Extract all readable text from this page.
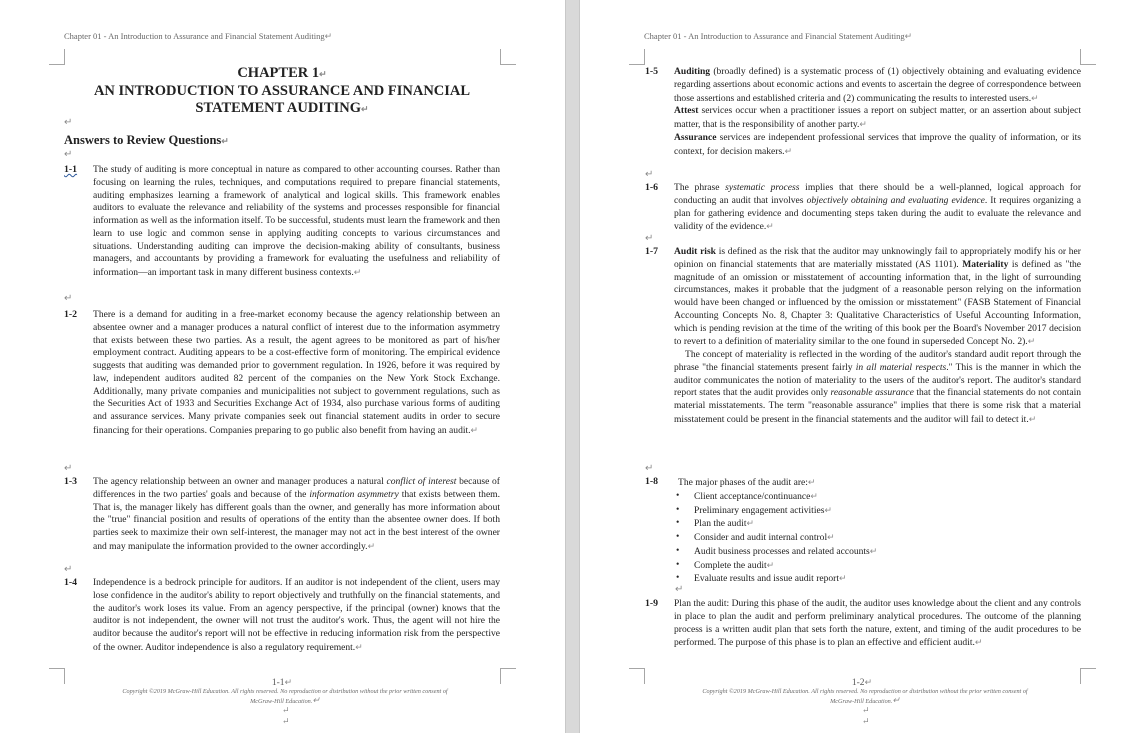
Chapter 01 - An Introduction to Assurance and Financial Statement Auditing↵
CHAPTER 1↵
AN INTRODUCTION TO ASSURANCE AND FINANCIAL
STATEMENT AUDITING↵
↵
Answers to Review Questions↵
↵
1-1 The study of auditing is more conceptual in nature as compared to other accounting courses. Rather than focusing on learning the rules, techniques, and computations required to prepare financial statements, auditing emphasizes learning a framework of analytical and logical skills. This framework enables auditors to evaluate the relevance and reliability of the systems and processes responsible for financial information as well as the information itself. To be successful, students must learn the framework and then learn to use logic and common sense in applying auditing concepts to various circumstances and situations. Understanding auditing can improve the decision-making ability of consultants, business managers, and accountants by providing a framework for evaluating the usefulness and reliability of information—an important task in many different business contexts.↵
↵
1-2 There is a demand for auditing in a free-market economy because the agency relationship between an absentee owner and a manager produces a natural conflict of interest due to the information asymmetry that exists between these two parties. As a result, the agent agrees to be monitored as part of his/her employment contract. Auditing appears to be a cost-effective form of monitoring. The empirical evidence suggests that auditing was demanded prior to government regulation. In 1926, before it was required by law, independent auditors audited 82 percent of the companies on the New York Stock Exchange. Additionally, many private companies and municipalities not subject to government regulations, such as the Securities Act of 1933 and Securities Exchange Act of 1934, also purchase various forms of auditing and assurance services. Many private companies seek out financial statement audits in order to secure financing for their operations. Companies preparing to go public also benefit from having an audit.↵
↵
1-3 The agency relationship between an owner and manager produces a natural conflict of interest because of differences in the two parties' goals and because of the information asymmetry that exists between them. That is, the manager likely has different goals than the owner, and generally has more information about the "true" financial position and results of operations of the entity than the absentee owner does. If both parties seek to maximize their own self-interest, the manager may not act in the best interest of the owner and may manipulate the information provided to the owner accordingly.↵
↵
1-4 Independence is a bedrock principle for auditors. If an auditor is not independent of the client, users may lose confidence in the auditor's ability to report objectively and truthfully on the financial statements, and the auditor's work loses its value. From an agency perspective, if the principal (owner) knows that the auditor is not independent, the owner will not trust the auditor's work. Thus, the agent will not hire the auditor because the auditor's report will not be effective in reducing information risk from the perspective of the owner. Auditor independence is also a regulatory requirement.↵
1-1↵
Copyright ©2019 McGraw-Hill Education. All rights reserved. No reproduction or distribution without the prior written consent of
McGraw-Hill Education.↵
↵
↵
Chapter 01 - An Introduction to Assurance and Financial Statement Auditing↵
1-5 Auditing (broadly defined) is a systematic process of (1) objectively obtaining and evaluating evidence regarding assertions about economic actions and events to ascertain the degree of correspondence between those assertions and established criteria and (2) communicating the results to interested users.↵

Attest services occur when a practitioner issues a report on subject matter, or an assertion about subject matter, that is the responsibility of another party.↵

Assurance services are independent professional services that improve the quality of information, or its context, for decision makers.↵

↵
1-6 The phrase systematic process implies that there should be a well-planned, logical approach for conducting an audit that involves objectively obtaining and evaluating evidence. It requires organizing a plan for gathering evidence and documenting steps taken during the audit to evaluate the relevance and validity of the evidence.↵
↵
1-7 Audit risk is defined as the risk that the auditor may unknowingly fail to appropriately modify his or her opinion on financial statements that are materially misstated (AS 1101). Materiality is defined as "the magnitude of an omission or misstatement of accounting information that, in the light of surrounding circumstances, makes it probable that the judgment of a reasonable person relying on the information would have been changed or influenced by the omission or misstatement" (FASB Statement of Financial Accounting Concepts No. 8, Chapter 3: Qualitative Characteristics of Useful Accounting Information, which is pending revision at the time of the writing of this book per the Board's November 2017 decision to revert to a definition of materiality similar to the one found in superseded Concept No. 2).↵

The concept of materiality is reflected in the wording of the auditor's standard audit report through the phrase "the financial statements present fairly in all material respects." This is the manner in which the auditor communicates the notion of materiality to the users of the auditor's report. The auditor's standard report states that the audit provides only reasonable assurance that the financial statements do not contain material misstatements. The term "reasonable assurance" implies that there is some risk that a material misstatement could be present in the financial statements and the auditor will fail to detect it.↵

↵
1-8	The major phases of the audit are:↵

• Client acceptance/continuance↵
• Preliminary engagement activities↵
• Plan the audit↵
• Consider and audit internal control↵
• Audit business processes and related accounts↵
• Complete the audit↵
• Evaluate results and issue audit report↵
↵
1-9 Plan the audit: During this phase of the audit, the auditor uses knowledge about the client and any controls in place to plan the audit and perform preliminary analytical procedures. The outcome of the planning process is a written audit plan that sets forth the nature, extent, and timing of the audit procedures to be performed. The purpose of this phase is to plan an effective and efficient audit.↵
1-2↵
Copyright ©2019 McGraw-Hill Education. All rights reserved. No reproduction or distribution without the prior written consent of
McGraw-Hill Education.↵
↵
↵
